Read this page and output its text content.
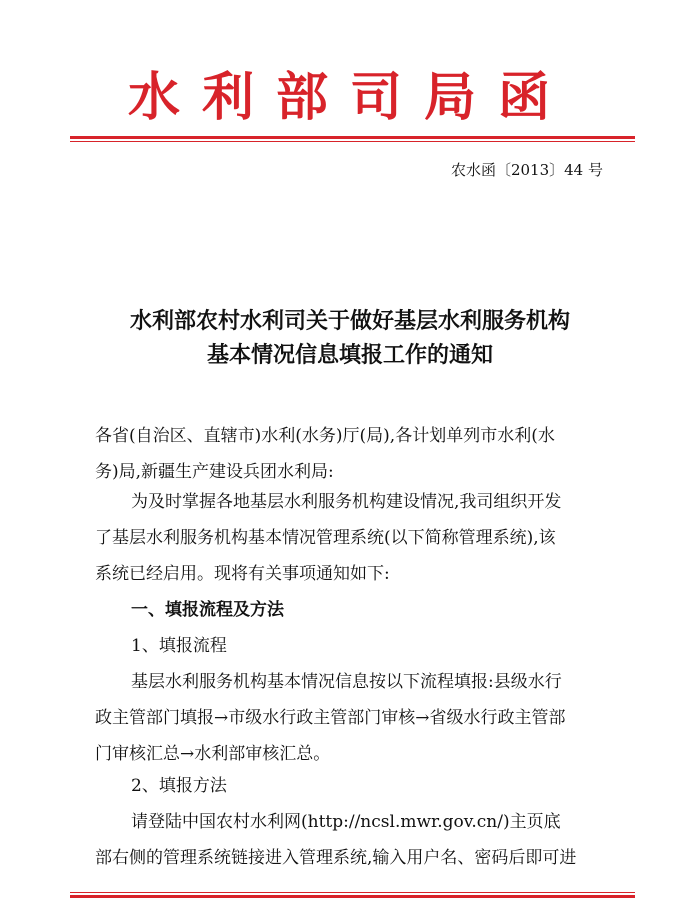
水利部司局函
农水函〔2013〕44 号
水利部农村水利司关于做好基层水利服务机构
基本情况信息填报工作的通知

各省(自治区、直辖市)水利(水务)厅(局),各计划单列市水利(水

务)局,新疆生产建设兵团水利局:

为及时掌握各地基层水利服务机构建设情况,我司组织开发

了基层水利服务机构基本情况管理系统(以下简称管理系统),该

系统已经启用。现将有关事项通知如下:

一、填报流程及方法
1、填报流程

基层水利服务机构基本情况信息按以下流程填报:县级水行

政主管部门填报→市级水行政主管部门审核→省级水行政主管部

门审核汇总→水利部审核汇总。

2、填报方法

请登陆中国农村水利网(http://ncsl.mwr.gov.cn/)主页底

部右侧的管理系统链接进入管理系统,输入用户名、密码后即可进
